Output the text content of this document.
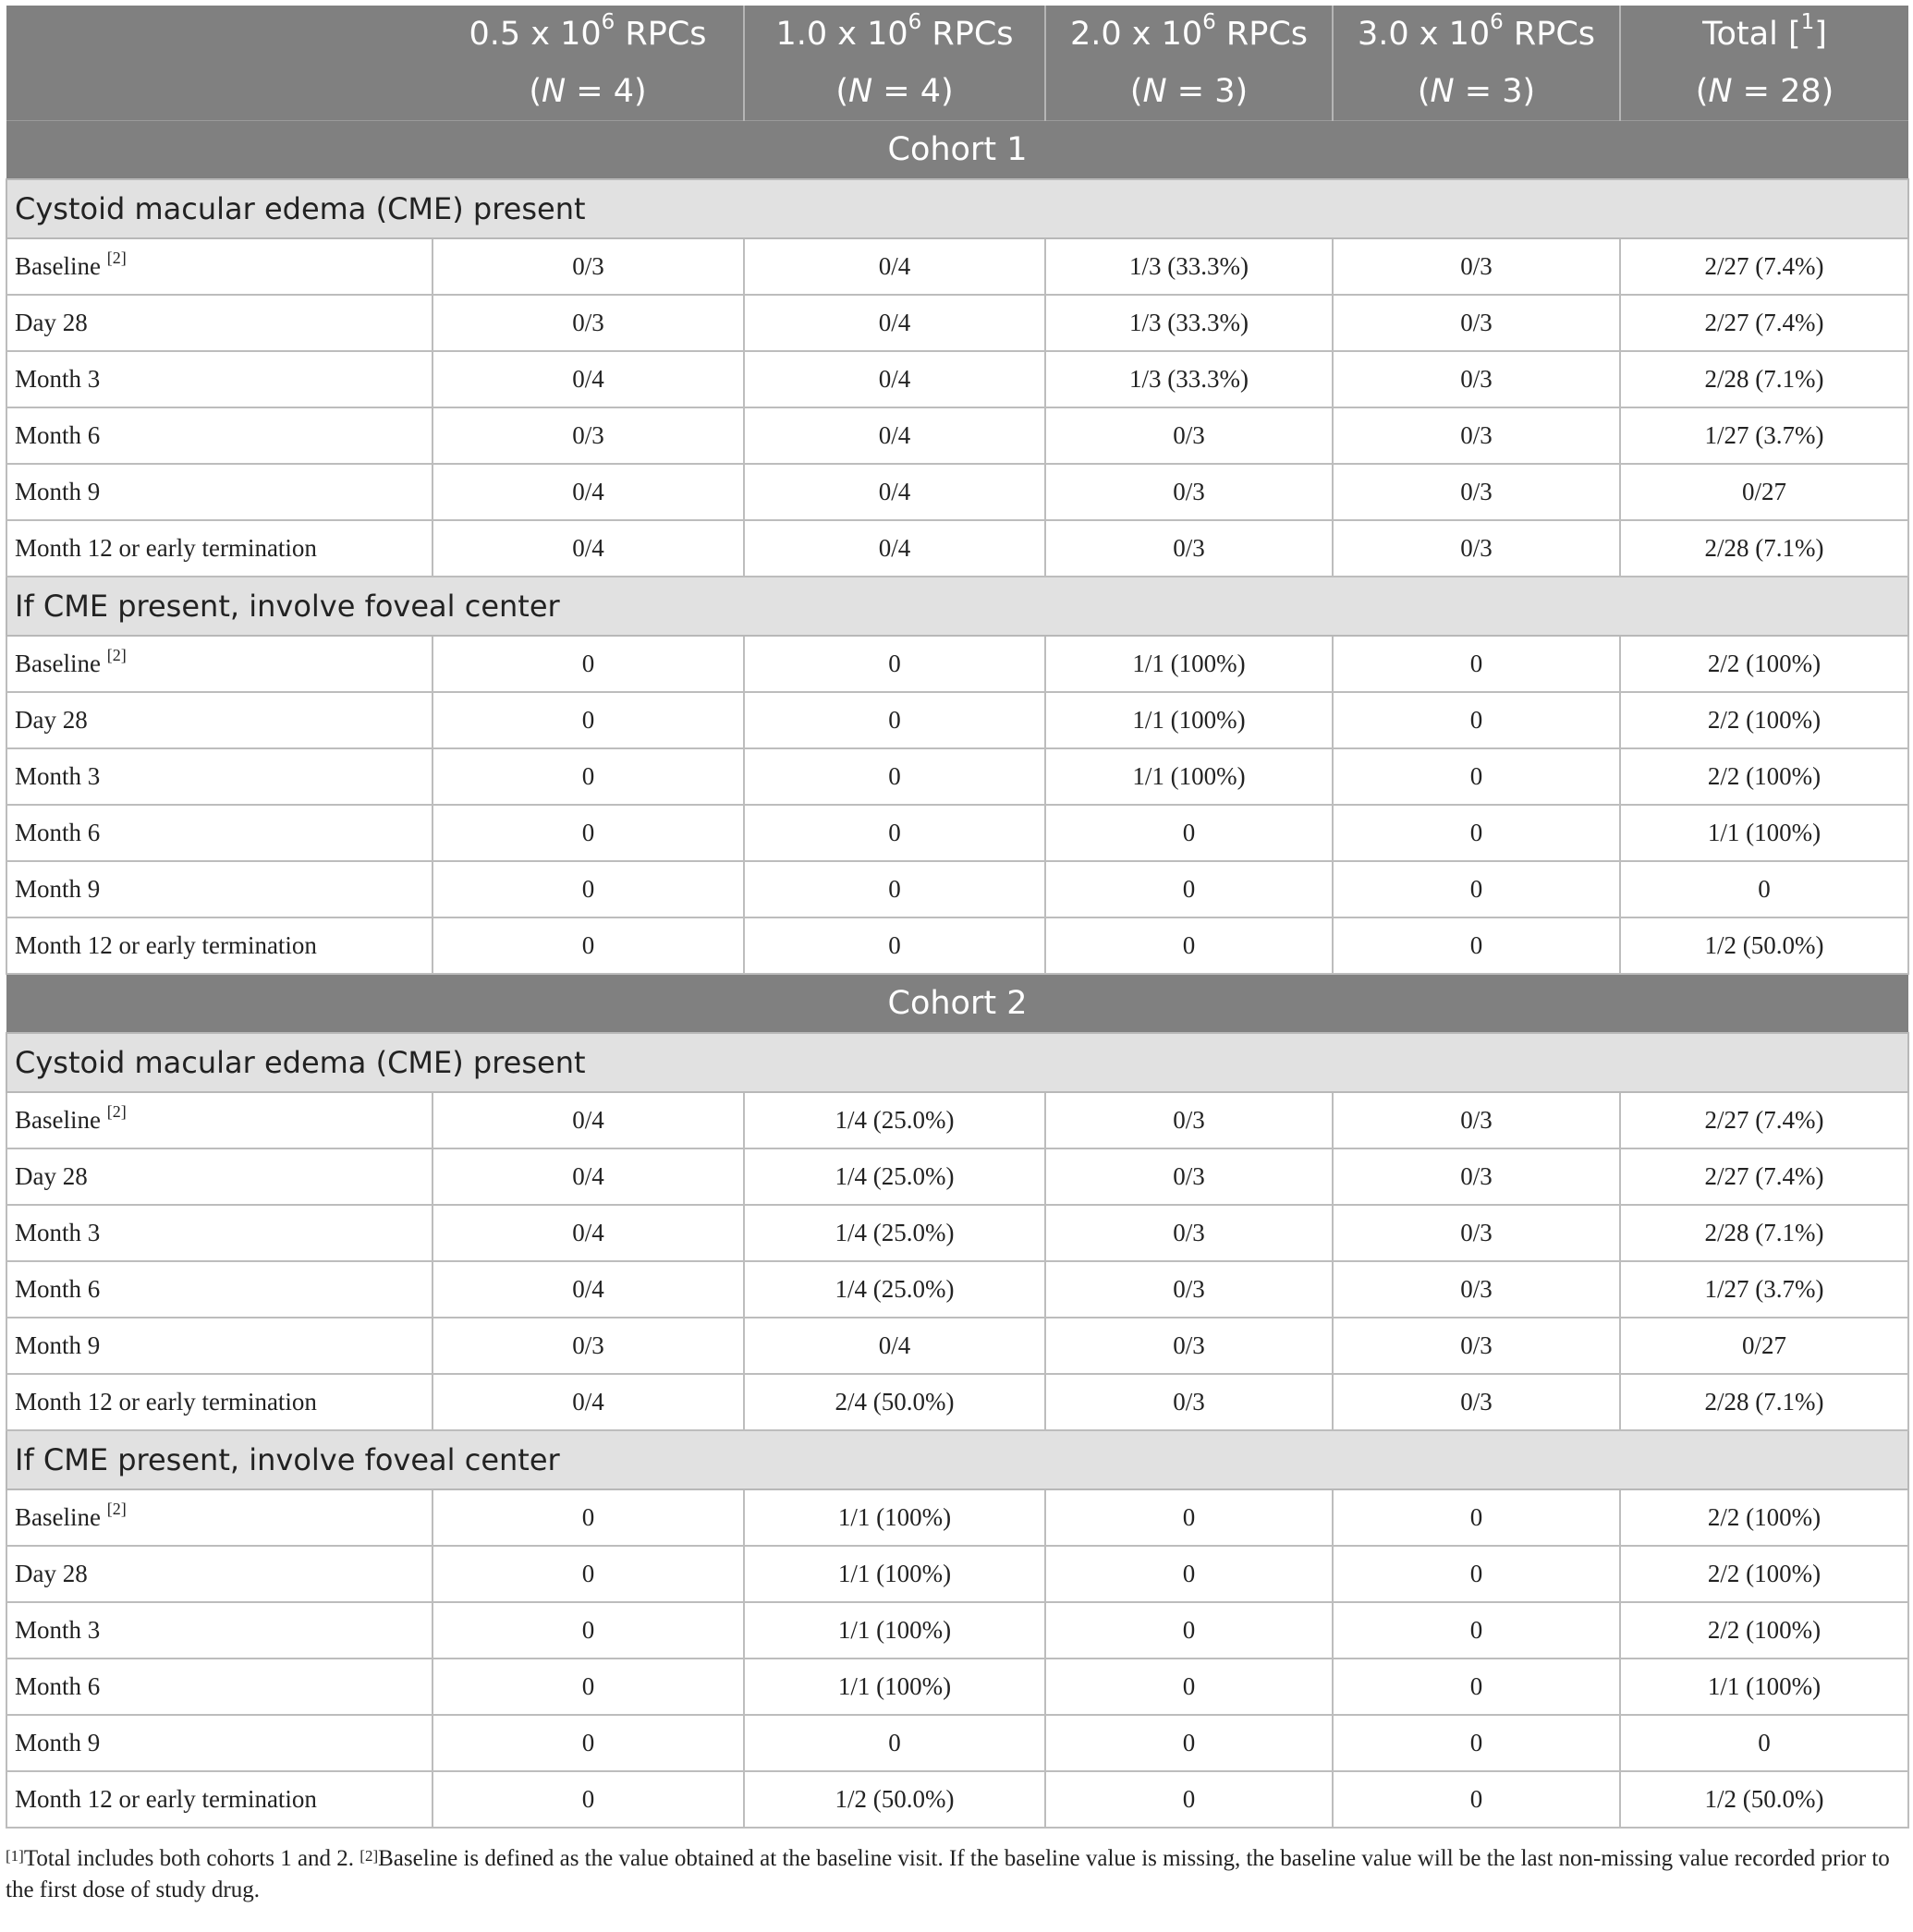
	0.5 x $10^6$ RPCs	1.0 x $10^6$ RPCs	2.0 x $10^6$ RPCs	3.0 x $10^6$ RPCs	Total [$^1$]
	(N = 4)	(N = 4)	(N = 3)	(N = 3)	(N = 28)
Cohort 1					
Cystoid macular edema (CME) present					
Baseline [2]	0/3	0/4	1/3 (33.3%)	0/3	2/27 (7.4%)
Day 28	0/3	0/4	1/3 (33.3%)	0/3	2/27 (7.4%)
Month 3	0/4	0/4	1/3 (33.3%)	0/3	2/28 (7.1%)
Month 6	0/3	0/4	0/3	0/3	1/27 (3.7%)
Month 9	0/4	0/4	0/3	0/3	0/27
Month 12 or early termination	0/4	0/4	0/3	0/3	2/28 (7.1%)
If CME present, involve foveal center					
Baseline [2]	0	0	1/1 (100%)	0	2/2 (100%)
Day 28	0	0	1/1 (100%)	0	2/2 (100%)
Month 3	0	0	1/1 (100%)	0	2/2 (100%)
Month 6	0	0	0	0	1/1 (100%)
Month 9	0	0	0	0	0
Month 12 or early termination	0	0	0	0	1/2 (50.0%)
Cohort 2					
Cystoid macular edema (CME) present					
Baseline [2]	0/4	1/4 (25.0%)	0/3	0/3	2/27 (7.4%)
Day 28	0/4	1/4 (25.0%)	0/3	0/3	2/27 (7.4%)
Month 3	0/4	1/4 (25.0%)	0/3	0/3	2/28 (7.1%)
Month 6	0/4	1/4 (25.0%)	0/3	0/3	1/27 (3.7%)
Month 9	0/3	0/4	0/3	0/3	0/27
Month 12 or early termination	0/4	2/4 (50.0%)	0/3	0/3	2/28 (7.1%)
If CME present, involve foveal center					
Baseline [2]	0	1/1 (100%)	0	0	2/2 (100%)
Day 28	0	1/1 (100%)	0	0	2/2 (100%)
Month 3	0	1/1 (100%)	0	0	2/2 (100%)
Month 6	0	1/1 (100%)	0	0	1/1 (100%)
Month 9	0	0	0	0	0
Month 12 or early termination	0	1/2 (50.0%)	0	0	1/2 (50.0%)
[1]Total includes both cohorts 1 and 2. [2]Baseline is defined as the value obtained at the baseline visit. If the baseline value is missing, the baseline value will be the last non-missing value recorded prior to the first dose of study drug.
